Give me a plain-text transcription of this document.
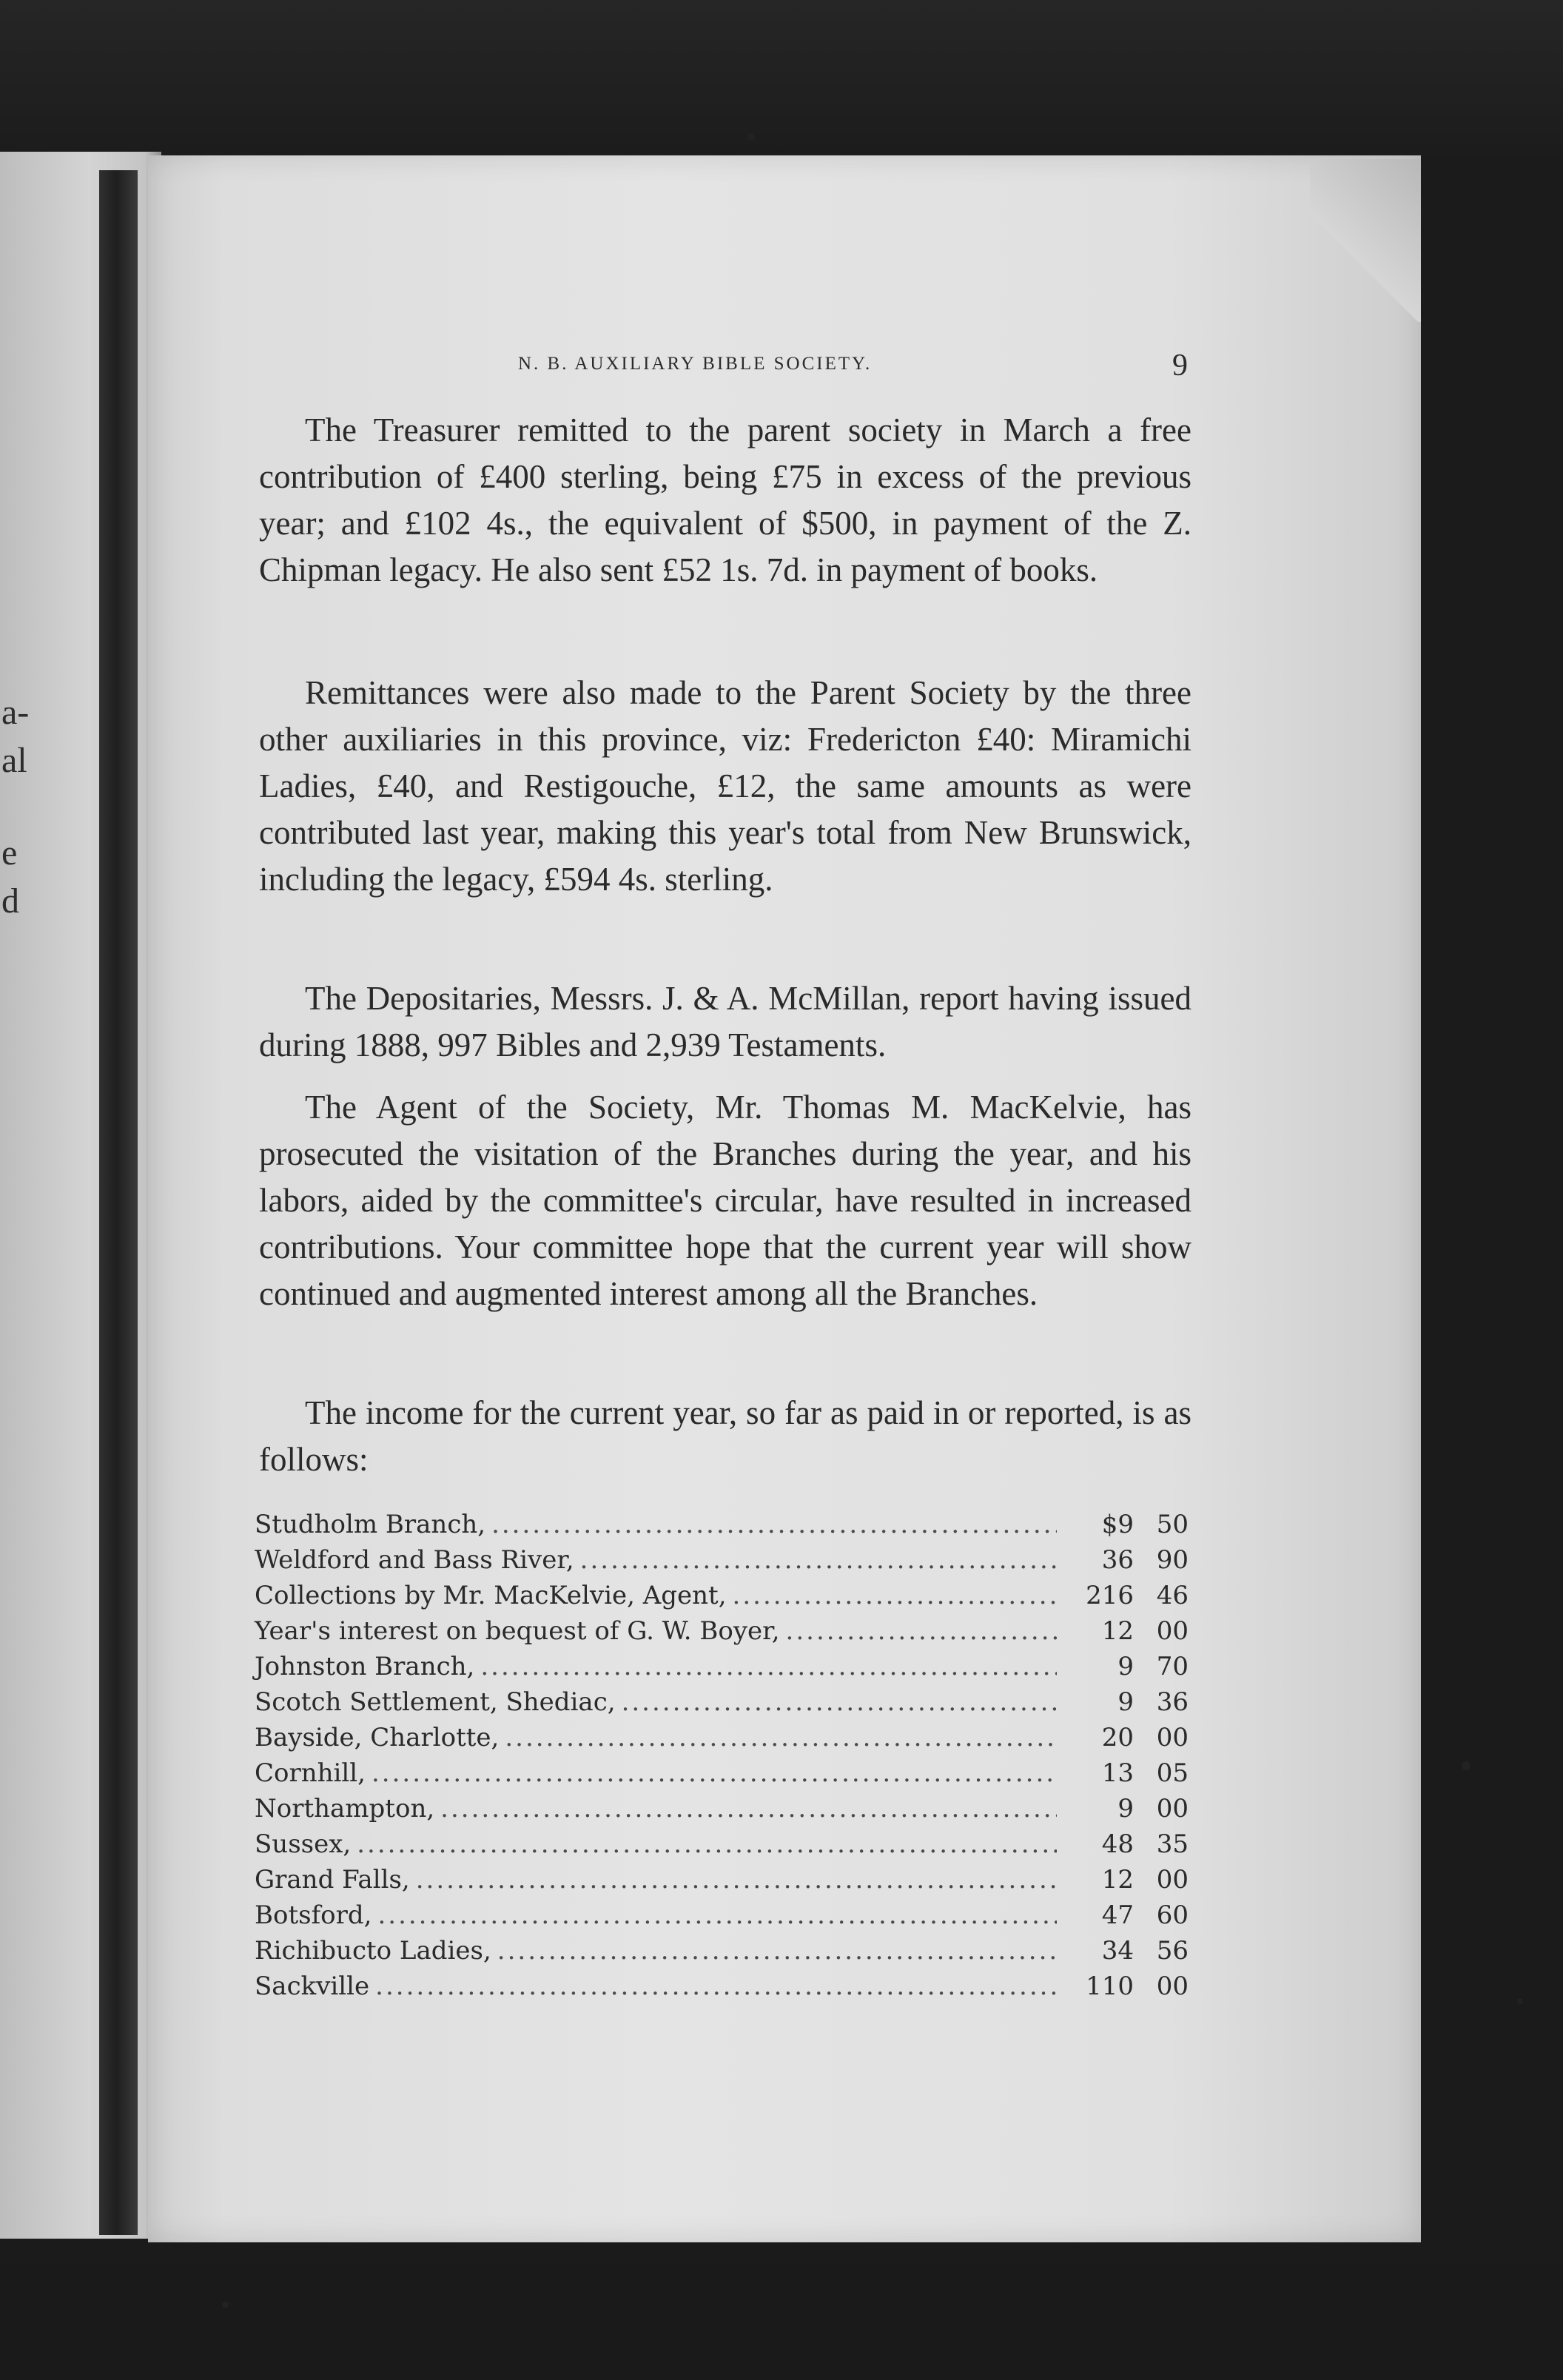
a-
al
e
d
N. B. AUXILIARY BIBLE SOCIETY.	9

The Treasurer remitted to the parent society in March a free contribution of £400 sterling, being £75 in excess of the previous year; and £102 4s., the equivalent of $500, in payment of the Z. Chipman legacy. He also sent £52 1s. 7d. in payment of books.

Remittances were also made to the Parent Society by the three other auxiliaries in this province, viz: Fredericton £40: Miramichi Ladies, £40, and Restigouche, £12, the same amounts as were contributed last year, making this year's total from New Brunswick, including the legacy, £594 4s. sterling.

The Depositaries, Messrs. J. & A. McMillan, report having issued during 1888, 997 Bibles and 2,939 Testaments.

The Agent of the Society, Mr. Thomas M. MacKelvie, has prosecuted the visitation of the Branches during the year, and his labors, aided by the committee's circular, have resulted in increased contributions. Your committee hope that the current year will show continued and augmented interest among all the Branches.

The income for the current year, so far as paid in or reported, is as follows:

Studholm Branch, .....	$9 50
Weldford and Bass River, .....	36 90
Collections by Mr. MacKelvie, Agent, .....	216 46
Year's interest on bequest of G. W. Boyer, .....	12 00
Johnston Branch, .....	9 70
Scotch Settlement, Shediac, .....	9 36
Bayside, Charlotte, .....	20 00
Cornhill, .....	13 05
Northampton, .....	9 00
Sussex, .....	48 35
Grand Falls, .....	12 00
Botsford, .....	47 60
Richibucto Ladies, .....	34 56
Sackville .....	110 00
